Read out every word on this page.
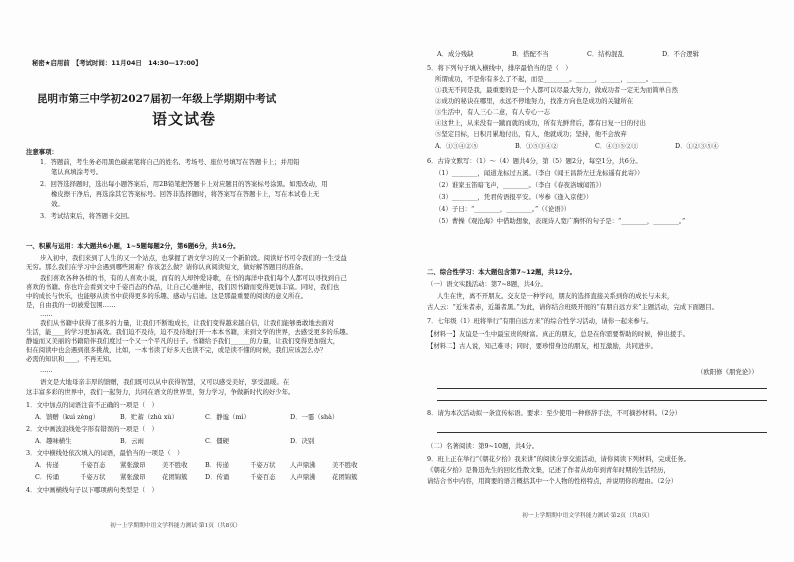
秘密★启用前　【考试时间：11月04日　14:30—17:00】
昆明市第三中学初2027届初一年级上学期期中考试
语文试卷
注意事项：
1．答题前，考生务必用黑色碳素笔将自己的姓名、考场号、座位号填写在答题卡上；并用铅
笔认真填涂考号。
2．回答选择题时，选出每小题答案后，用2B铅笔把答题卡上对应题目的答案标号涂黑。如需改动，用
橡皮擦干净后，再选涂其它答案标号。回答非选择题时，将答案写在答题卡上，写在本试卷上无
效。
3．考试结束后，将答题卡交回。
一、积累与运用：本大题共6小题，1~5题每题2分，第6题6分，共16分。
步入初中，我们来到了人生的又一个站点，也掌握了语文学习的又一个新阶段。阅读好书可令我们的一生受益
无穷。那么我们在学习中会遇到哪些困难？你该怎么做？请你认真阅读短文，做好解答题目的准备。
我们喜欢各种各样的书，有的人喜欢小说，而有的人却钟爱诗歌，在书的海洋中我们每个人都可以寻找到自己
喜欢的书籍。你也许会看到文中千姿百态的作品，让自己心驰神往，我们因书籍而变得更加丰富。同时，我们也
中的成长与快乐，也能够从读书中获得更多的乐趣、感动与启迪。这是那最重要的阅读的意义所在。
是，自由我的一切被爱包围……
……
我们从书籍中获得了很多的力量，让我们不断地成长，让我们变得越来越自信，让我们能够勇敢地去面对
生活，能____的学习更加高效。我们迫不及待，迫不及待地打开一本本书籍，来到文学的世界，去感受更多的乐趣。
静谧而又美丽的书籍陪伴我们度过一个又一个平凡的日子。书籍给予我们______的力量，让我们变得更加强大，
但在阅读中也会遇到很多挑战，比如，一本书读了好多天也读不完，或是读不懂的时候，我们应该怎么办？
必需的知识和____，不再无知。
……
语文是大地母亲丰厚的馈赠，我们既可以从中获得智慧，又可以感受美好，享受温暖。在
这丰富多彩的世界中，我们一起努力，共同在语文的世界里，努力学习，争做新时代的好少年。
1．文中加点的词语注音不正确的一项是（　）
A．馈赠（kuì zèng）	B．贮蓄（zhù xù）	C．静谧（mì）	D．一霎（shà）
2．文中画波浪线处字形有错误的一项是（　）
A．趣味横生	B．云雨	C．僵硬	D．决别
3．文中横线处依次填入的词语，最恰当的一项是（　）
A．传递	千姿百态 紧张激昂	美不胜收	B．传递	千姿万状 人声鼎沸	美不胜收
C．传诵	千姿万状 紧张激昂	花团锦簇	D．传诵	千姿百态 人声鼎沸	花团锦簇
4．文中画横线句子以下哪项病句类型是（　）
初一上学期期中语文学科能力测试·第1页（共8页）
A．成分残缺	B．搭配不当	C．结构混乱	D．不合逻辑
5．将下列句子填入横线中，排序最恰当的是（　）
所谓成功，不是你有多么了不起，而是________。______，______，______。______
①我无不同是我，最重要的是一个人都可以尽最大努力，做成功者一定无为而简单自然
②成功的秘诀在哪里，永远不停地努力，找准方向也是成功的关键所在
③生活中，有人三心二意，有人专心一志
④这世上，从来没有一蹴而就的成功，所有光鲜背后，都有日复一日的付出
⑤坚定目标，日积月累地付出，有人，他就成功；坚持，他不会放弃
A．①③④②⑤	B．①⑤③④②	C．④③⑤②①	D．①②③⑤④
6．古诗文默写：（1）～（4）题共4分，第（5）题2分，每空1分，共6分。
（1）________，闻道龙标过五溪。（李白《闻王昌龄左迁龙标遥有此寄》）
（2）谁家玉笛暗飞声，________。（李白《春夜洛城闻笛》）
（3）________，凭君传语报平安。（岑参《逢入京使》）
（4）子曰：“________，________。”（《论语》）
（5）曹操《观沧海》中借助想象，表现诗人宽广胸怀的句子是：“________，________。”
二、综合性学习：本大题包含第7~12题，共12分。
（一）语文实践活动：第7~8题，共4分。
人生在世，离不开朋友。交友是一种学问，朋友的选择直接关系到你的成长与未来，
古人云：“近朱者赤，近墨者黑。”为此，请你结合班级开展的“有朋自远方来”主题活动，完成下面题目。
7．七年级（1）班将举行“有朋自远方来”的综合性学习活动，请你一起来参与。
【材料一】友谊是一生中最宝贵的财富。真正的朋友，总是在你需要帮助的时候，伸出援手。
【材料二】古人说，知己难寻；同时，要珍惜身边的朋友，相互激励，共同进步。
（欧阳修《朋党论》）
8．请为本次活动拟一条宣传标语。要求：至少使用一种修辞手法，不可摘抄材料。（2分）
（二）名著阅读：第9~10题，共4分。
9．班上正在举行“《朝花夕拾》我来讲”的阅读分享交流活动，请你阅读下列材料，完成任务。
《朝花夕拾》是鲁迅先生的回忆性散文集，记述了作者从幼年到青年时期的生活经历，
请结合书中内容，用简要的语言概括其中一个人物的性格特点，并说明你的理由。（2分）
初一上学期期中语文学科能力测试·第2页（共8页）
